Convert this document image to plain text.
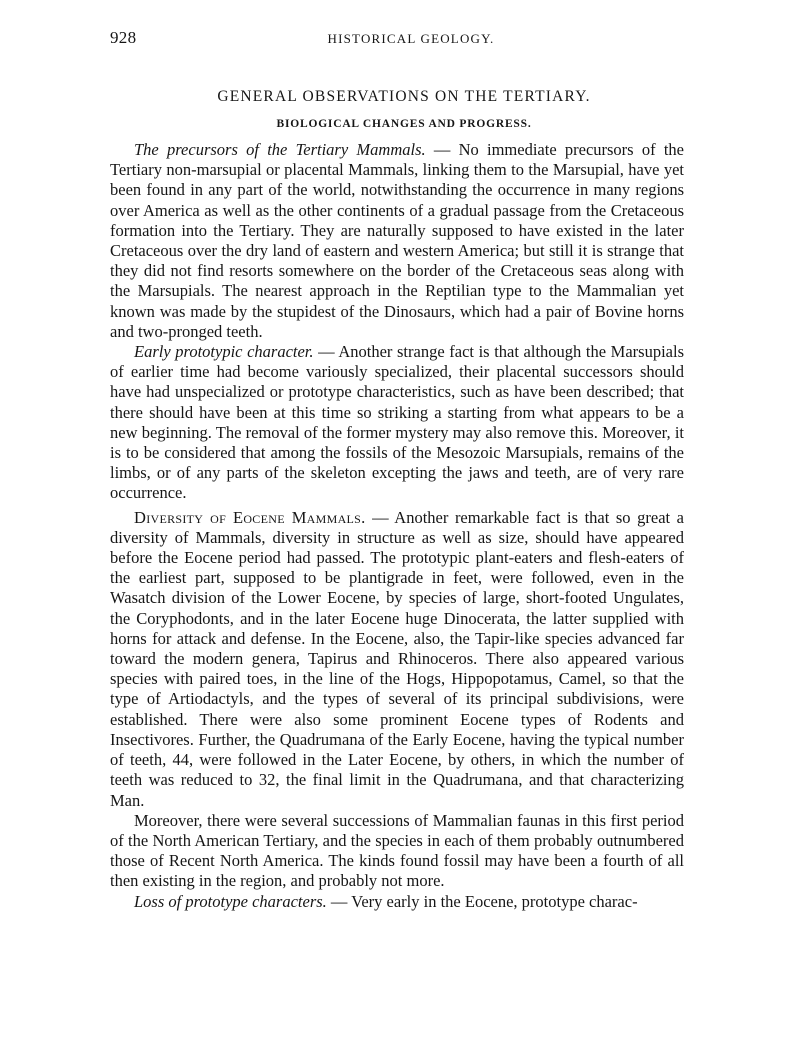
928	HISTORICAL GEOLOGY.
GENERAL OBSERVATIONS ON THE TERTIARY.
BIOLOGICAL CHANGES AND PROGRESS.

The precursors of the Tertiary Mammals. — No immediate precursors of the Tertiary non-marsupial or placental Mammals, linking them to the Marsupial, have yet been found in any part of the world, notwithstanding the occurrence in many regions over America as well as the other continents of a gradual passage from the Cretaceous formation into the Tertiary. They are naturally supposed to have existed in the later Cretaceous over the dry land of eastern and western America; but still it is strange that they did not find resorts somewhere on the border of the Cretaceous seas along with the Marsupials. The nearest approach in the Reptilian type to the Mammalian yet known was made by the stupidest of the Dinosaurs, which had a pair of Bovine horns and two-pronged teeth.

Early prototypic character. — Another strange fact is that although the Marsupials of earlier time had become variously specialized, their placental successors should have had unspecialized or prototype characteristics, such as have been described; that there should have been at this time so striking a starting from what appears to be a new beginning. The removal of the former mystery may also remove this. Moreover, it is to be considered that among the fossils of the Mesozoic Marsupials, remains of the limbs, or of any parts of the skeleton excepting the jaws and teeth, are of very rare occurrence.

Diversity of Eocene Mammals. — Another remarkable fact is that so great a diversity of Mammals, diversity in structure as well as size, should have appeared before the Eocene period had passed. The prototypic plant-eaters and flesh-eaters of the earliest part, supposed to be plantigrade in feet, were followed, even in the Wasatch division of the Lower Eocene, by species of large, short-footed Ungulates, the Coryphodonts, and in the later Eocene huge Dinocerata, the latter supplied with horns for attack and defense. In the Eocene, also, the Tapir-like species advanced far toward the modern genera, Tapirus and Rhinoceros. There also appeared various species with paired toes, in the line of the Hogs, Hippopotamus, Camel, so that the type of Artiodactyls, and the types of several of its principal subdivisions, were established. There were also some prominent Eocene types of Rodents and Insectivores. Further, the Quadrumana of the Early Eocene, having the typical number of teeth, 44, were followed in the Later Eocene, by others, in which the number of teeth was reduced to 32, the final limit in the Quadrumana, and that characterizing Man.

Moreover, there were several successions of Mammalian faunas in this first period of the North American Tertiary, and the species in each of them probably outnumbered those of Recent North America. The kinds found fossil may have been a fourth of all then existing in the region, and probably not more.

Loss of prototype characters. — Very early in the Eocene, prototype charac-
